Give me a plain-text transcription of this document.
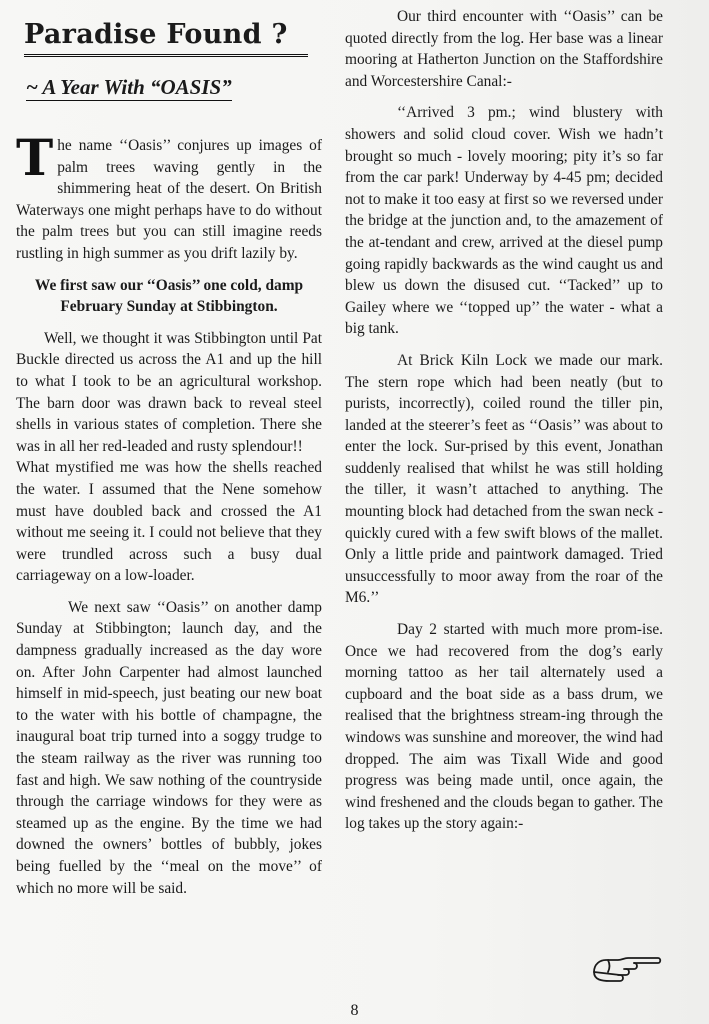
Paradise Found ?
~ A Year With “OASIS”

The name ‘‘Oasis’’ conjures up images of palm trees waving gently in the shimmering heat of the desert. On British Waterways one might perhaps have to do without the palm trees but you can still imagine reeds rustling in high summer as you drift lazily by.

We first saw our ‘‘Oasis’’ one cold, damp February Sunday at Stibbington.

Well, we thought it was Stibbington until Pat Buckle directed us across the A1 and up the hill to what I took to be an agricultural workshop. The barn door was drawn back to reveal steel shells in various states of completion. There she was in all her red-leaded and rusty splendour!!

What mystified me was how the shells reached the water. I assumed that the Nene somehow must have doubled back and crossed the A1 without me seeing it. I could not believe that they were trundled across such a busy dual carriageway on a low-loader.

We next saw ‘‘Oasis’’ on another damp Sunday at Stibbington; launch day, and the dampness gradually increased as the day wore on. After John Carpenter had almost launched himself in mid-speech, just beating our new boat to the water with his bottle of champagne, the inaugural boat trip turned into a soggy trudge to the steam railway as the river was running too fast and high. We saw nothing of the countryside through the carriage windows for they were as steamed up as the engine. By the time we had downed the owners’ bottles of bubbly, jokes being fuelled by the ‘‘meal on the move’’ of which no more will be said.

Our third encounter with ‘‘Oasis’’ can be quoted directly from the log. Her base was a linear mooring at Hatherton Junction on the Staffordshire and Worcestershire Canal:-

‘‘Arrived 3 pm.; wind blustery with showers and solid cloud cover. Wish we hadn’t brought so much - lovely mooring; pity it’s so far from the car park! Underway by 4-45 pm; decided not to make it too easy at first so we reversed under the bridge at the junction and, to the amazement of the at-tendant and crew, arrived at the diesel pump going rapidly backwards as the wind caught us and blew us down the disused cut. ‘‘Tacked’’ up to Gailey where we ‘‘topped up’’ the water - what a big tank.

At Brick Kiln Lock we made our mark. The stern rope which had been neatly (but to purists, incorrectly), coiled round the tiller pin, landed at the steerer’s feet as ‘‘Oasis’’ was about to enter the lock. Sur-prised by this event, Jonathan suddenly realised that whilst he was still holding the tiller, it wasn’t attached to anything. The mounting block had detached from the swan neck - quickly cured with a few swift blows of the mallet. Only a little pride and paintwork damaged. Tried unsuccessfully to moor away from the roar of the M6.’’

Day 2 started with much more prom-ise. Once we had recovered from the dog’s early morning tattoo as her tail alternately used a cupboard and the boat side as a bass drum, we realised that the brightness stream-ing through the windows was sunshine and moreover, the wind had dropped. The aim was Tixall Wide and good progress was being made until, once again, the wind freshened and the clouds began to gather. The log takes up the story again:-

8
